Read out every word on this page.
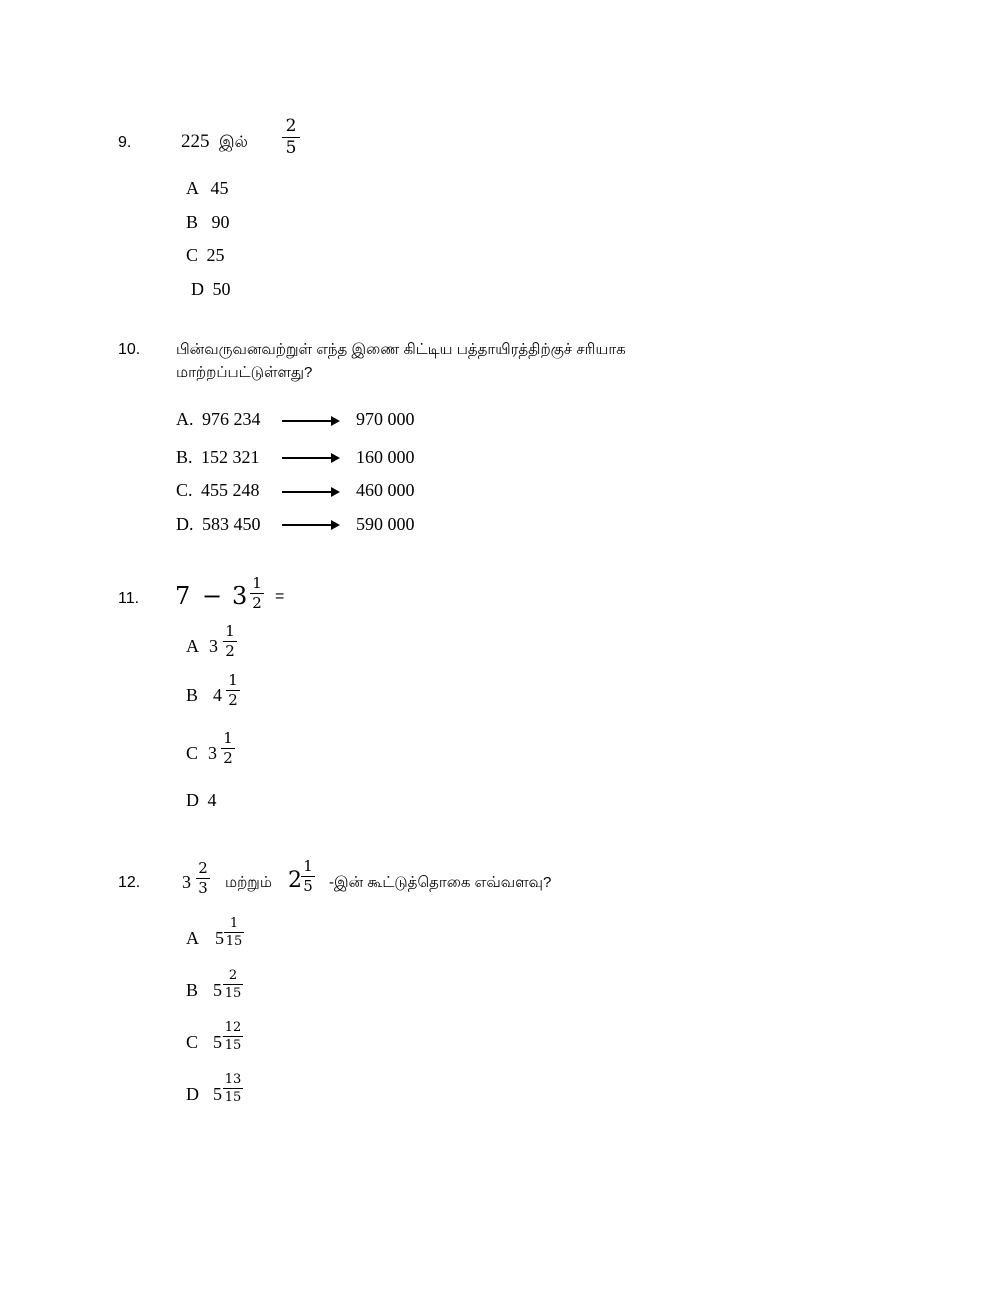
9.	225 இல்
2
5
A 45
B 90
C 25
D 50
10. பின்வருவனவற்றுள் எந்த இணை கிட்டிய பத்தாயிரத்திற்குச் சரியாக
மாற்றப்பட்டுள்ளது?
A. 976 234	970 000
B. 152 321	160 000
C. 455 248	460 000
D. 583 450	590 000
11. 7 − 3 1
2 =
A 3
1
2
B 4
1
2
C 3
1
2
D 4
12. 3
2
3 மற்றும் 2
1
5 -இன் கூட்டுத்தொகை எவ்வளவு?
A 5
1
15
B 5
2
15
C 5
12
15
D 5
13
15
